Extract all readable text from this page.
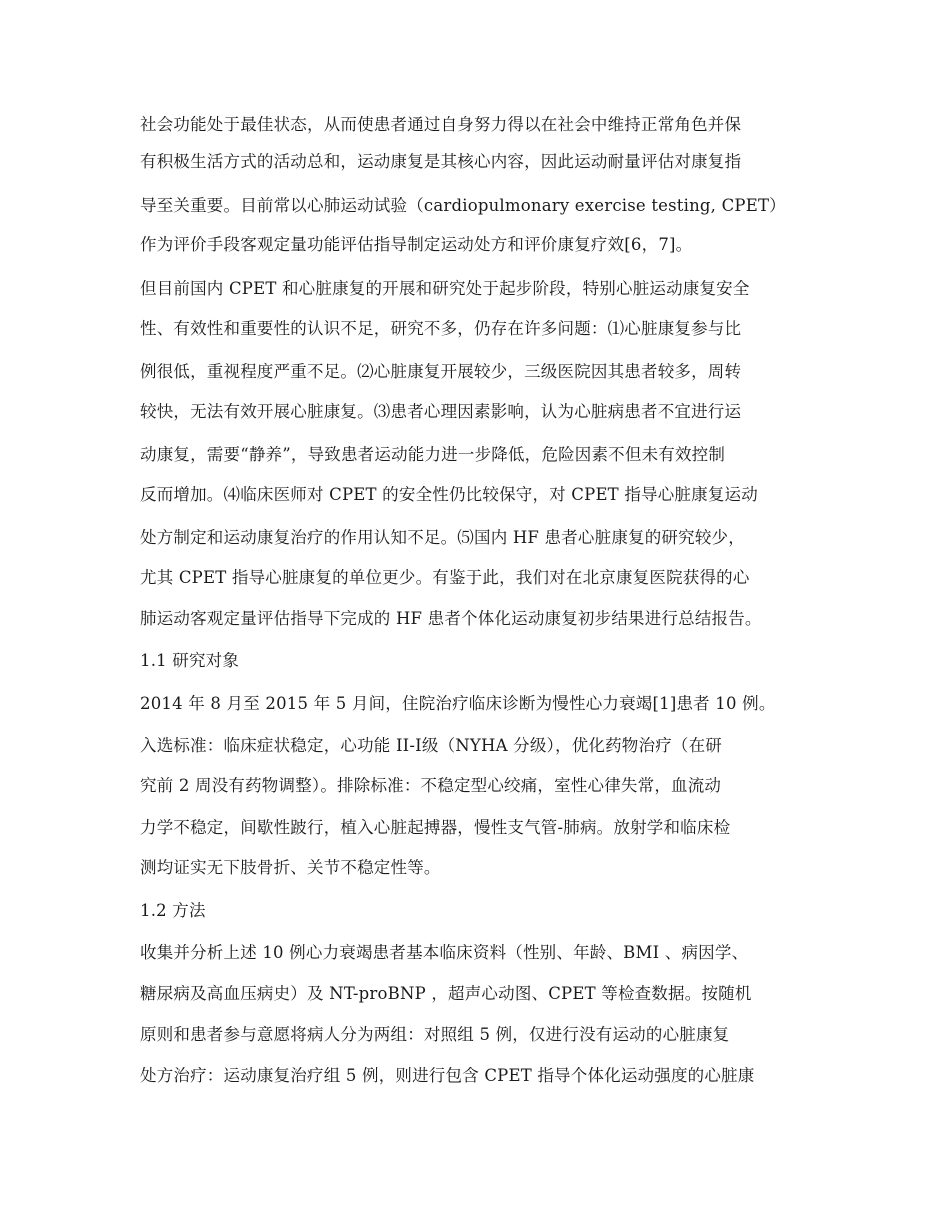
社会功能处于最佳状态，从而使患者通过自身努力得以在社会中维持正常角色并保
有积极生活方式的活动总和，运动康复是其核心内容，因此运动耐量评估对康复指
导至关重要。目前常以心肺运动试验（cardiopulmonary exercise testing, CPET）
作为评价手段客观定量功能评估指导制定运动处方和评价康复疗效[6，7]。
但目前国内 CPET 和心脏康复的开展和研究处于起步阶段，特别心脏运动康复安全
性、有效性和重要性的认识不足，研究不多，仍存在许多问题：⑴心脏康复参与比
例很低，重视程度严重不足。⑵心脏康复开展较少，三级医院因其患者较多，周转
较快，无法有效开展心脏康复。⑶患者心理因素影响，认为心脏病患者不宜进行运
动康复，需要“静养”，导致患者运动能力进一步降低，危险因素不但未有效控制
反而增加。⑷临床医师对 CPET 的安全性仍比较保守，对 CPET 指导心脏康复运动
处方制定和运动康复治疗的作用认知不足。⑸国内 HF 患者心脏康复的研究较少，
尤其 CPET 指导心脏康复的单位更少。有鉴于此，我们对在北京康复医院获得的心
肺运动客观定量评估指导下完成的 HF 患者个体化运动康复初步结果进行总结报告。
1.1 研究对象
2014 年 8 月至 2015 年 5 月间，住院治疗临床诊断为慢性心力衰竭[1]患者 10 例。
入选标准：临床症状稳定，心功能 II-I级（NYHA 分级），优化药物治疗（在研
究前 2 周没有药物调整）。排除标准：不稳定型心绞痛，室性心律失常，血流动
力学不稳定，间歇性跛行，植入心脏起搏器，慢性支气管-肺病。放射学和临床检
测均证实无下肢骨折、关节不稳定性等。
1.2 方法
收集并分析上述 10 例心力衰竭患者基本临床资料（性别、年龄、BMI 、病因学、
糖尿病及高血压病史）及 NT-proBNP ，超声心动图、CPET 等检查数据。按随机
原则和患者参与意愿将病人分为两组：对照组 5 例，仅进行没有运动的心脏康复
处方治疗：运动康复治疗组 5 例，则进行包含 CPET 指导个体化运动强度的心脏康
